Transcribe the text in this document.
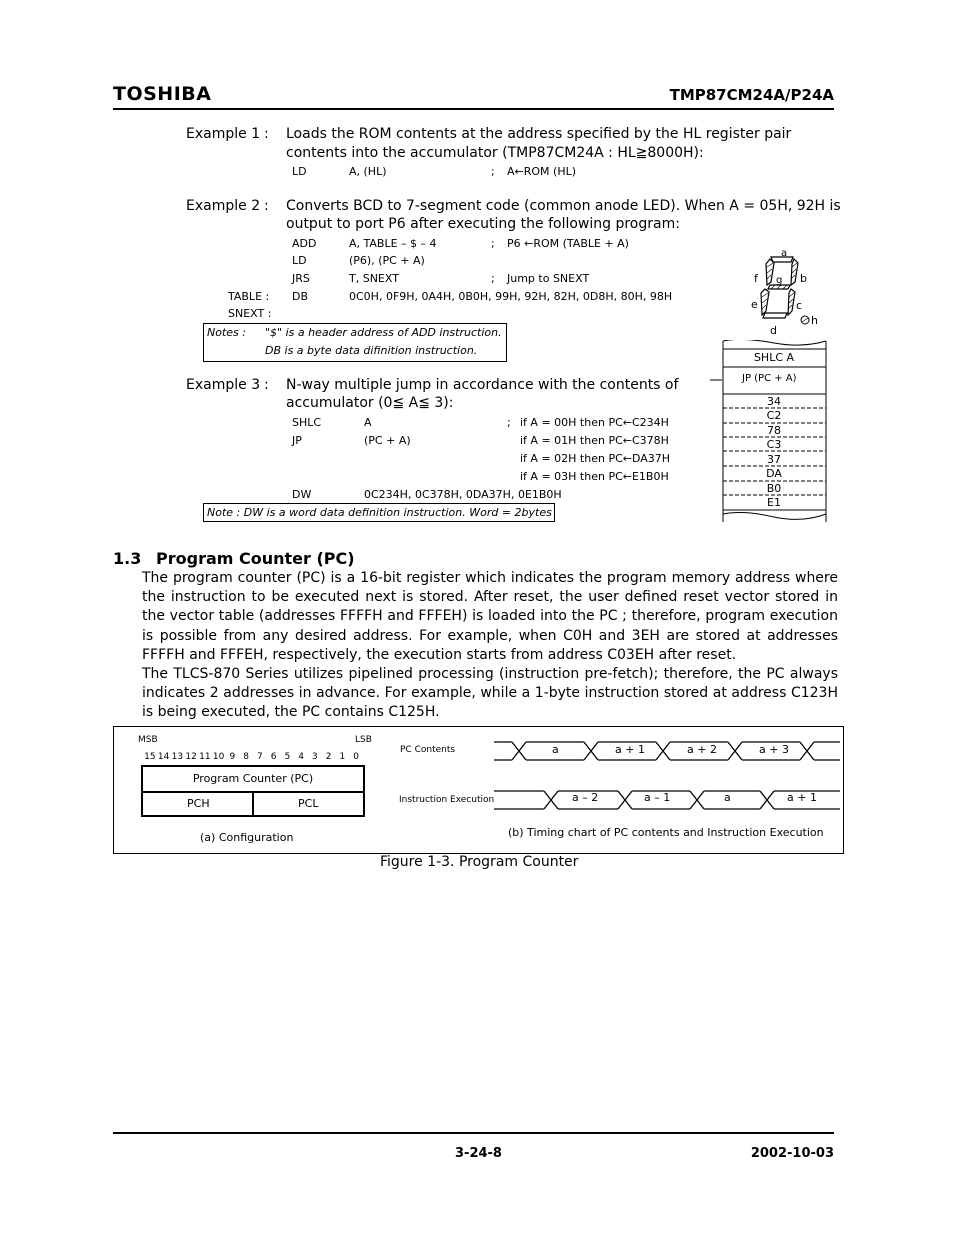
TOSHIBA	TMP87CM24A/P24A
Example 1 : Loads the ROM contents at the address specified by the HL register pair
contents into the accumulator (TMP87CM24A : HL≧8000H):
LD	A, (HL)	; A←ROM (HL)
Example 2 : Converts BCD to 7-segment code (common anode LED). When A = 05H, 92H is
output to port P6 after executing the following program:
ADD	A, TABLE – $ – 4	; P6 ←ROM (TABLE + A)
LD	(P6), (PC + A)
JRS	T, SNEXT	; Jump to SNEXT
TABLE : DB	0C0H, 0F9H, 0A4H, 0B0H, 99H, 92H, 82H, 0D8H, 80H, 98H
SNEXT :
Notes : "$" is a header address of ADD instruction.
DB is a byte data difinition instruction.
a
b
c
d
e
f g
h
SHLC A
JP (PC + A)
34
C2
78
C3
37
DA
B0
E1
Example 3 : N-way multiple jump in accordance with the contents of
accumulator (0≦ A≦ 3):
SHLC	A	; if A = 00H then PC←C234H
JP	(PC + A)	if A = 01H then PC←C378H
if A = 02H then PC←DA37H
if A = 03H then PC←E1B0H
DW	0C234H, 0C378H, 0DA37H, 0E1B0H
Note : DW is a word data definition instruction. Word = 2bytes
1.3 Program Counter (PC)

The program counter (PC) is a 16-bit register which indicates the program memory address where the instruction to be executed next is stored. After reset, the user defined reset vector stored in the vector table (addresses FFFFH and FFFEH) is loaded into the PC ; therefore, program execution is possible from any desired address. For example, when C0H and 3EH are stored at addresses FFFFH and FFFEH, respectively, the execution starts from address C03EH after reset.

The TLCS-870 Series utilizes pipelined processing (instruction pre-fetch); therefore, the PC always indicates 2 addresses in advance. For example, while a 1-byte instruction stored at address C123H is being executed, the PC contains C125H.

MSB	LSB
15 14 13 12 11 10 9 8 7 6 5 4 3 2 1 0
Program Counter (PC)
PCH	PCL
(a) Configuration
PC Contents	a	a + 1	a + 2	a + 3
Instruction Execution	a – 2	a – 1	a	a + 1
(b) Timing chart of PC contents and Instruction Execution
Figure 1-3. Program Counter
3-24-8	2002-10-03
